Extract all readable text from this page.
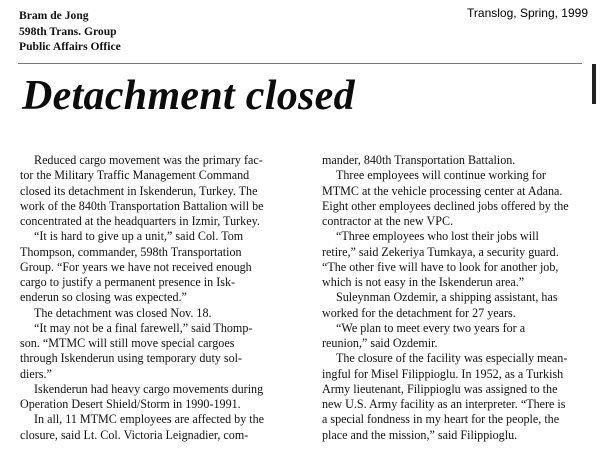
Translog, Spring, 1999
Bram de Jong
598th Trans. Group
Public Affairs Office
Detachment closed
Reduced cargo movement was the primary fac-
tor the Military Traffic Management Command
closed its detachment in Iskenderun, Turkey. The
work of the 840th Transportation Battalion will be
concentrated at the headquarters in Izmir, Turkey.
“It is hard to give up a unit,” said Col. Tom
Thompson, commander, 598th Transportation
Group. “For years we have not received enough
cargo to justify a permanent presence in Isk-
enderun so closing was expected.”
The detachment was closed Nov. 18.
“It may not be a final farewell,” said Thomp-
son. “MTMC will still move special cargoes
through Iskenderun using temporary duty sol-
diers.”
Iskenderun had heavy cargo movements during
Operation Desert Shield/Storm in 1990-1991.
In all, 11 MTMC employees are affected by the
closure, said Lt. Col. Victoria Leignadier, com-
mander, 840th Transportation Battalion.
Three employees will continue working for
MTMC at the vehicle processing center at Adana.
Eight other employees declined jobs offered by the
contractor at the new VPC.
“Three employees who lost their jobs will
retire,” said Zekeriya Tumkaya, a security guard.
“The other five will have to look for another job,
which is not easy in the Iskenderun area.”
Suleynman Ozdemir, a shipping assistant, has
worked for the detachment for 27 years.
“We plan to meet every two years for a
reunion,” said Ozdemir.
The closure of the facility was especially mean-
ingful for Misel Filippioglu. In 1952, as a Turkish
Army lieutenant, Filippioglu was assigned to the
new U.S. Army facility as an interpreter. “There is
a special fondness in my heart for the people, the
place and the mission,” said Filippioglu.
